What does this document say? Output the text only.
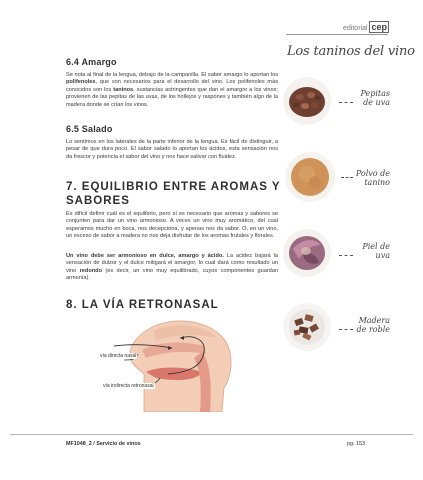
editorial cep
6.4 Amargo

Se nota al final de la lengua, debajo de la campanilla. El sabor amargo lo aportan los polifenoles, que son necesarios para el desarrollo del vino. Los polifenoles más conocidos son los taninos, sustancias astringentes que dan el amargor a los vinos; provienen de las pepitas de las uvas, de los hollejos y raspones y también algo de la madera donde se crían los vinos.

6.5 Salado

Lo sentimos en los laterales de la parte inferior de la lengua. Es fácil de distinguir, a pesar de que dura poco. El sabor salado lo aportan los ácidos, esta sensación nos da frescor y potencia el sabor del vino y nos hace salivar con fluidez.

7. EQUILIBRIO ENTRE AROMAS Y
SABORES

Es difícil definir cuál es el equilibrio, pero sí es necesario que aromas y sabores se conjunten para dar un vino armonioso. A veces un vino muy aromático, del cual esperamos mucho en boca, nos decepciona, y apenas nos da sabor. O, en un vino, un exceso de sabor a madera no nos deja disfrutar de los aromas frutales y florales.

Un vino debe ser armonioso en dulce, amargo y ácido. La acidez bajará la sensación de dulzor y el dulce mitigará el amargor, lo cual dará como resultado un vino redondo (es decir, un vino muy equilibrado, cuyos componentes guardan armonía).

8. LA VÍA RETRONASAL
vía directa nasal
vía indirecta retronasal
Los taninos del vino
Pepitas de uva
Polvo de tanino
Piel de uva
Madera de roble
MF1048_2 / Servicio de vinos	pg. 153
